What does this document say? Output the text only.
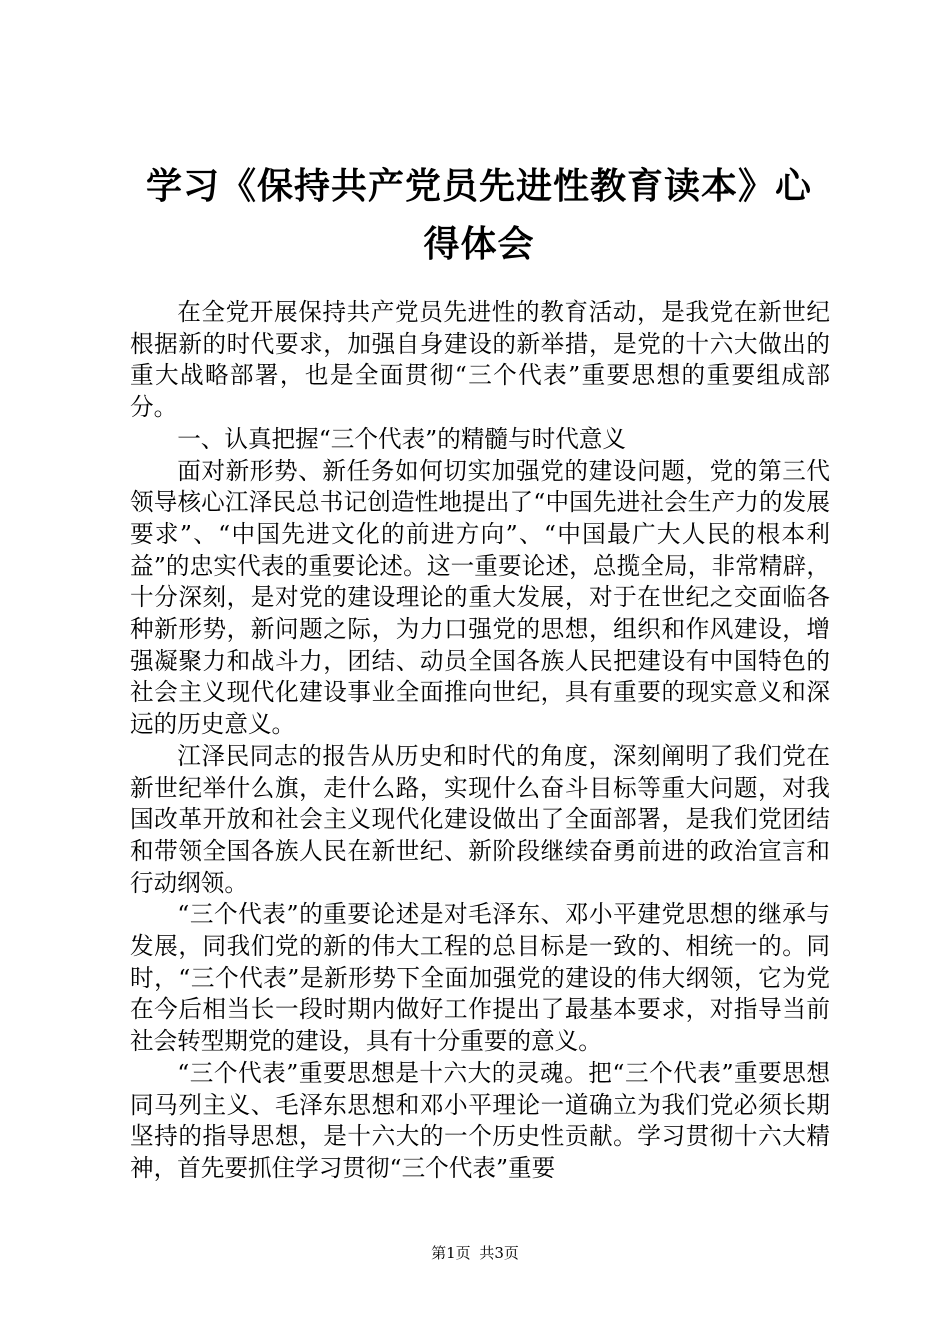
学习《保持共产党员先进性教育读本》心得体会

在全党开展保持共产党员先进性的教育活动，是我党在新世纪根据新的时代要求，加强自身建设的新举措，是党的十六大做出的重大战略部署，也是全面贯彻“三个代表”重要思想的重要组成部分。

一、认真把握“三个代表”的精髓与时代意义

面对新形势、新任务如何切实加强党的建设问题，党的第三代领导核心江泽民总书记创造性地提出了“中国先进社会生产力的发展要求”、“中国先进文化的前进方向”、“中国最广大人民的根本利益”的忠实代表的重要论述。这一重要论述，总揽全局，非常精辟，十分深刻，是对党的建设理论的重大发展，对于在世纪之交面临各种新形势，新问题之际，为力口强党的思想，组织和作风建设，增强凝聚力和战斗力，团结、动员全国各族人民把建设有中国特色的社会主义现代化建设事业全面推向世纪，具有重要的现实意义和深远的历史意义。

江泽民同志的报告从历史和时代的角度，深刻阐明了我们党在新世纪举什么旗，走什么路，实现什么奋斗目标等重大问题，对我国改革开放和社会主义现代化建设做出了全面部署，是我们党团结和带领全国各族人民在新世纪、新阶段继续奋勇前进的政治宣言和行动纲领。

“三个代表”的重要论述是对毛泽东、邓小平建党思想的继承与发展，同我们党的新的伟大工程的总目标是一致的、相统一的。同时，“三个代表”是新形势下全面加强党的建设的伟大纲领，它为党在今后相当长一段时期内做好工作提出了最基本要求，对指导当前社会转型期党的建设，具有十分重要的意义。

“三个代表”重要思想是十六大的灵魂。把“三个代表”重要思想同马列主义、毛泽东思想和邓小平理论一道确立为我们党必须长期坚持的指导思想，是十六大的一个历史性贡献。学习贯彻十六大精神，首先要抓住学习贯彻“三个代表”重要

第1页 共3页
